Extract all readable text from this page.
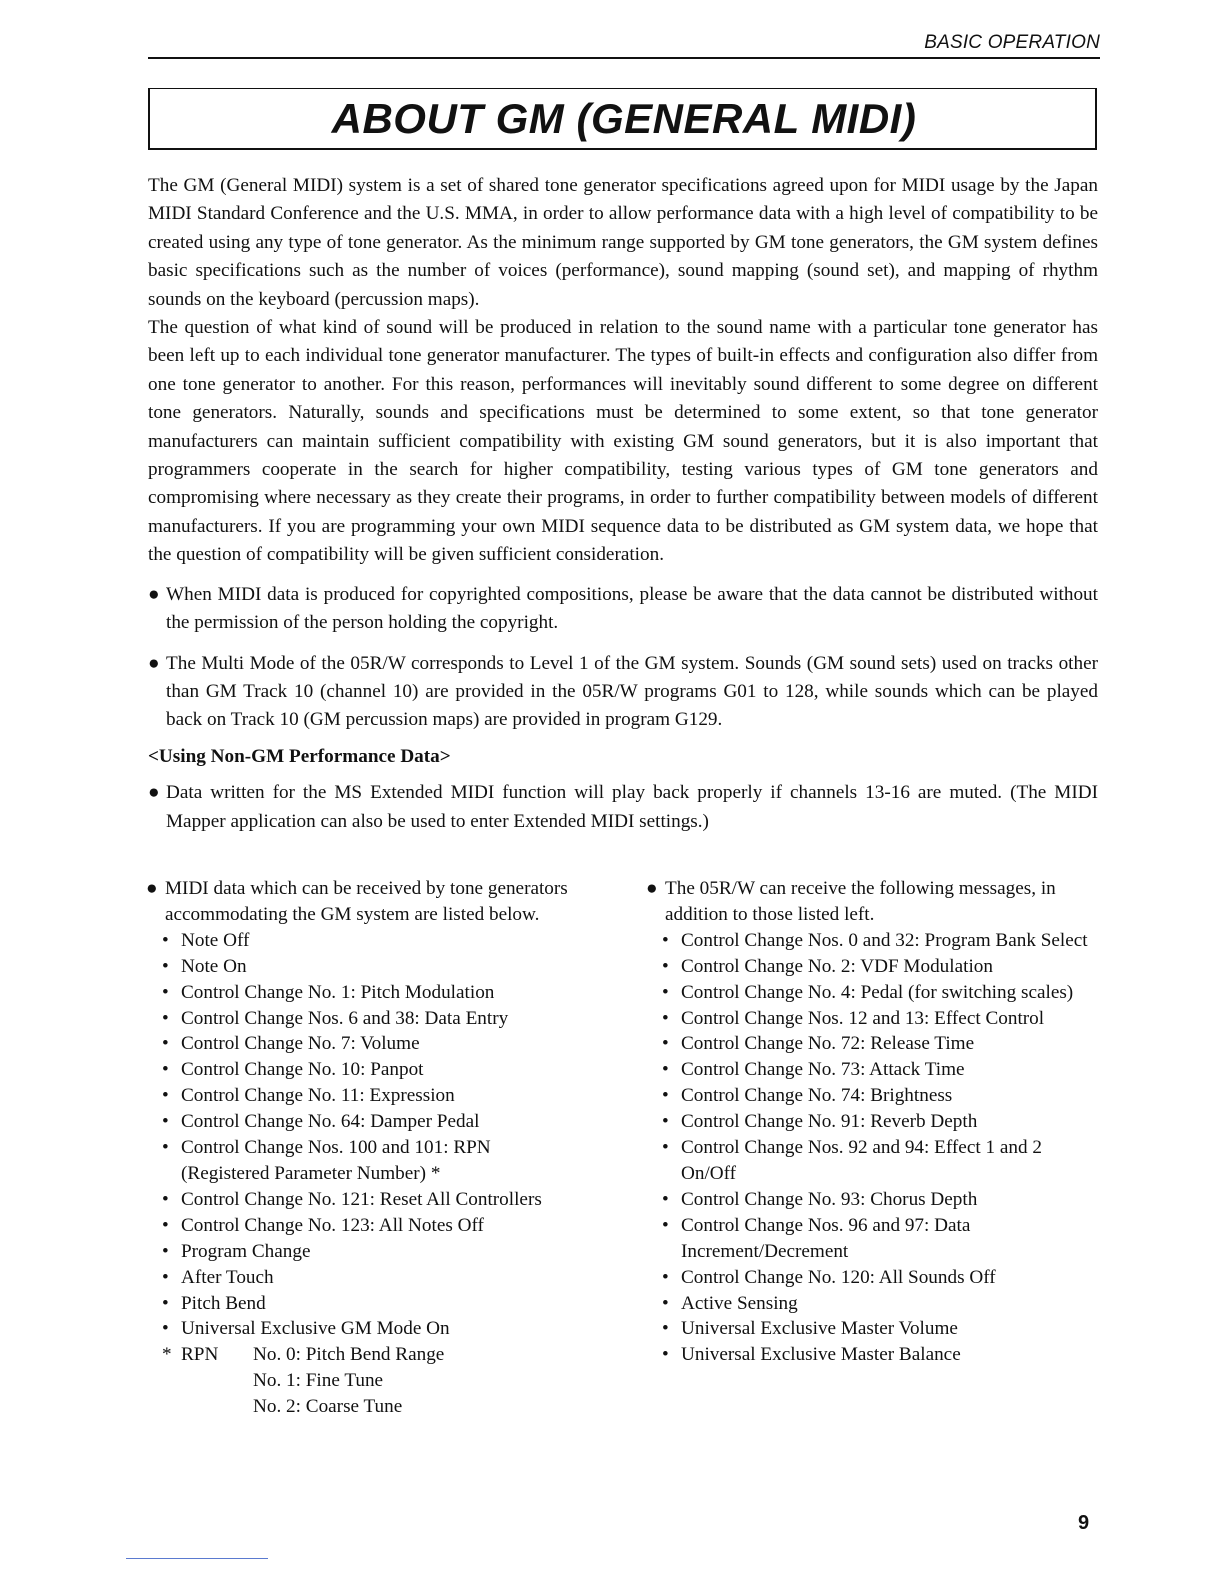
BASIC OPERATION
ABOUT GM (GENERAL MIDI)

The GM (General MIDI) system is a set of shared tone generator specifications agreed upon for MIDI usage by the Japan MIDI Standard Conference and the U.S. MMA, in order to allow performance data with a high level of compatibility to be created using any type of tone generator. As the minimum range supported by GM tone generators, the GM system defines basic specifications such as the number of voices (performance), sound mapping (sound set), and mapping of rhythm sounds on the keyboard (percussion maps).

The question of what kind of sound will be produced in relation to the sound name with a particular tone generator has been left up to each individual tone generator manufacturer. The types of built-in effects and configuration also differ from one tone generator to another. For this reason, performances will inevitably sound different to some degree on different tone generators. Naturally, sounds and specifications must be determined to some extent, so that tone generator manufacturers can maintain sufficient compatibility with existing GM sound generators, but it is also important that programmers cooperate in the search for higher compatibility, testing various types of GM tone generators and compromising where necessary as they create their programs, in order to further compatibility between models of different manufacturers. If you are programming your own MIDI sequence data to be distributed as GM system data, we hope that the question of compatibility will be given sufficient consideration.

● When MIDI data is produced for copyrighted compositions, please be aware that the data cannot be distributed without the permission of the person holding the copyright.
● The Multi Mode of the 05R/W corresponds to Level 1 of the GM system. Sounds (GM sound sets) used on tracks other than GM Track 10 (channel 10) are provided in the 05R/W programs G01 to 128, while sounds which can be played back on Track 10 (GM percussion maps) are provided in program G129.
<Using Non-GM Performance Data>
● Data written for the MS Extended MIDI function will play back properly if channels 13-16 are muted. (The MIDI Mapper application can also be used to enter Extended MIDI settings.)
● MIDI data which can be received by tone generators accommodating the GM system are listed below.
• Note Off
• Note On
• Control Change No. 1: Pitch Modulation
• Control Change Nos. 6 and 38: Data Entry
• Control Change No. 7: Volume
• Control Change No. 10: Panpot
• Control Change No. 11: Expression
• Control Change No. 64: Damper Pedal
• Control Change Nos. 100 and 101: RPN (Registered Parameter Number) *
• Control Change No. 121: Reset All Controllers
• Control Change No. 123: All Notes Off
• Program Change
• After Touch
• Pitch Bend
• Universal Exclusive GM Mode On
* RPN	No. 0: Pitch Bend Range
No. 1: Fine Tune
No. 2: Coarse Tune
● The 05R/W can receive the following messages, in addition to those listed left.
• Control Change Nos. 0 and 32: Program Bank Select
• Control Change No. 2: VDF Modulation
• Control Change No. 4: Pedal (for switching scales)
• Control Change Nos. 12 and 13: Effect Control
• Control Change No. 72: Release Time
• Control Change No. 73: Attack Time
• Control Change No. 74: Brightness
• Control Change No. 91: Reverb Depth
• Control Change Nos. 92 and 94: Effect 1 and 2 On/Off
• Control Change No. 93: Chorus Depth
• Control Change Nos. 96 and 97: Data Increment/Decrement
• Control Change No. 120: All Sounds Off
• Active Sensing
• Universal Exclusive Master Volume
• Universal Exclusive Master Balance
9
